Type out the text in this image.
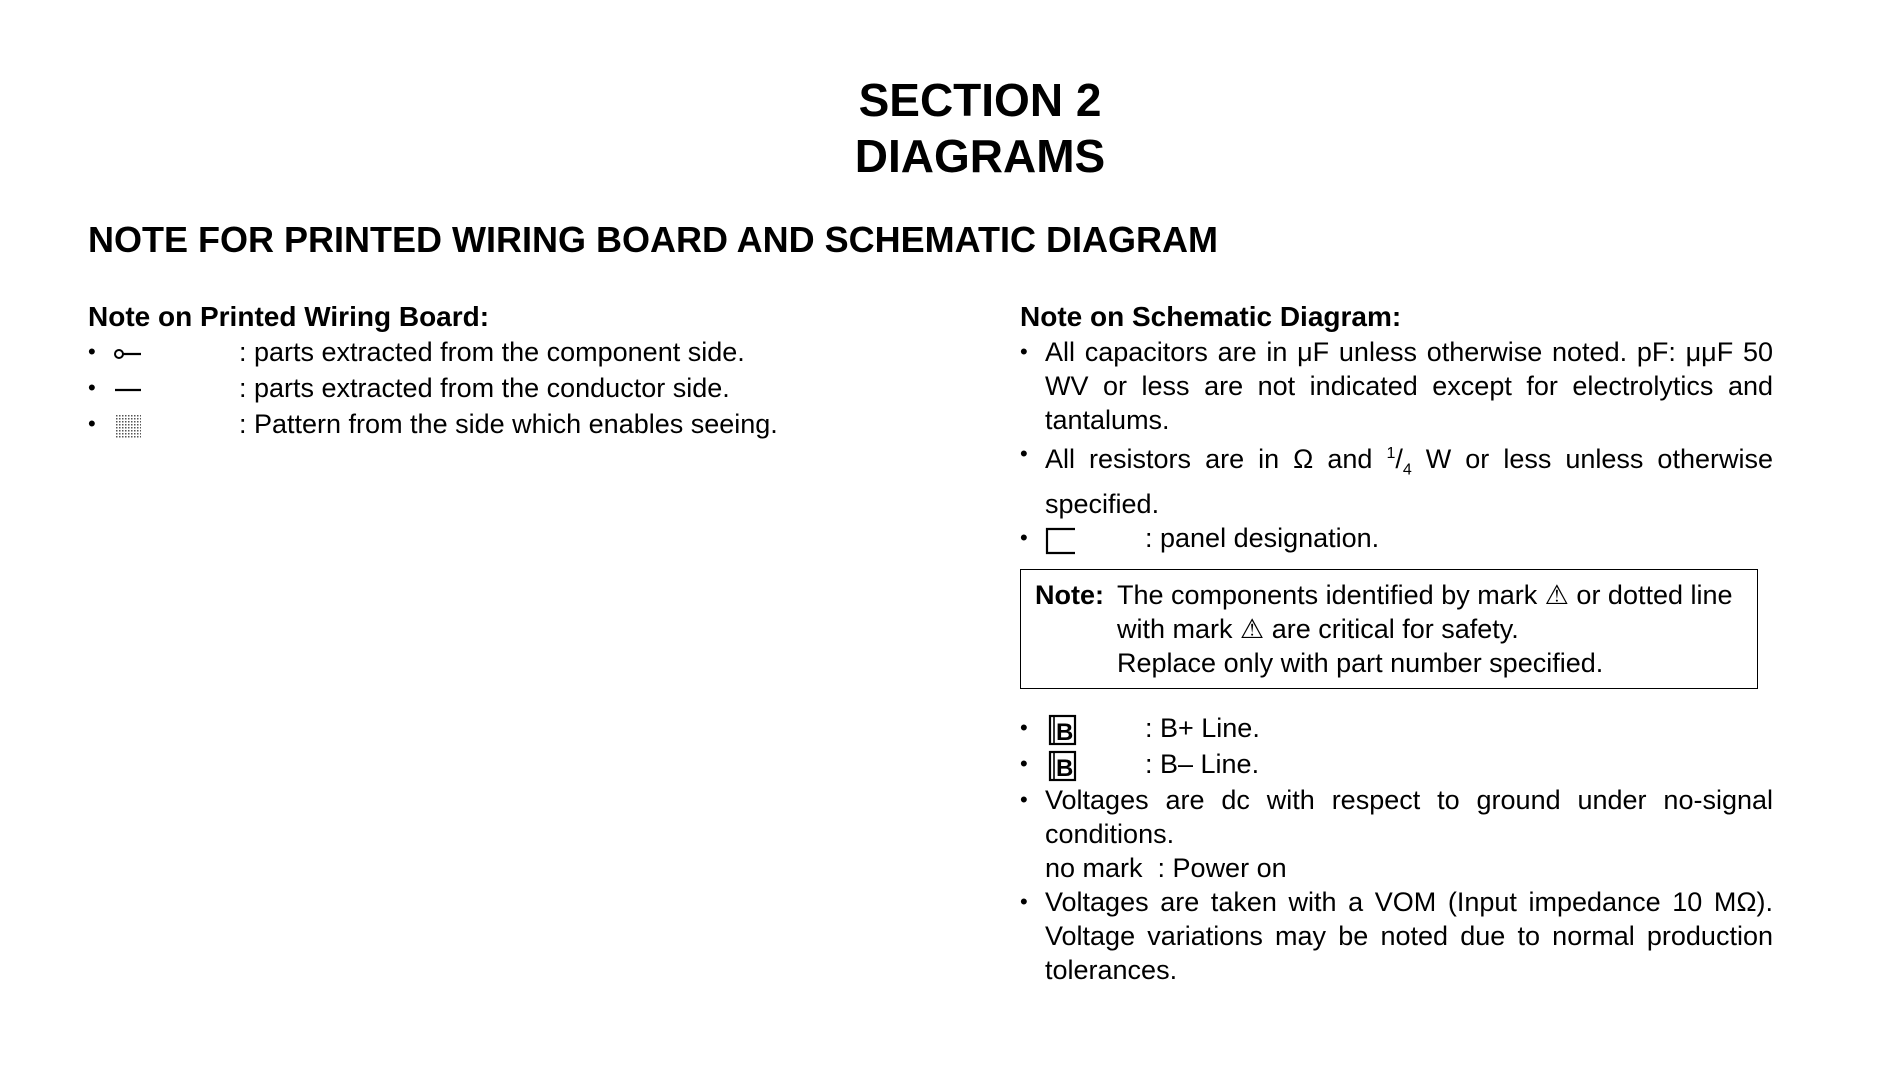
SECTION 2
DIAGRAMS
NOTE FOR PRINTED WIRING BOARD AND SCHEMATIC DIAGRAM
Note on Printed Wiring Board:
•	: parts extracted from the component side.
•	: parts extracted from the conductor side.
•	: Pattern from the side which enables seeing.
Note on Schematic Diagram:
• All capacitors are in μF unless otherwise noted. pF: μμF 50 WV or less are not indicated except for electrolytics and tantalums.
• All resistors are in Ω and $^1/_4$ W or less unless otherwise specified.
•	: panel designation.
Note: The components identified by mark ⚠ or dotted line
with mark ⚠ are critical for safety.
Replace only with part number specified.
• B	: B+ Line.
• B	: B– Line.
• Voltages are dc with respect to ground under no-signal conditions.
no mark  : Power on
• Voltages are taken with a VOM (Input impedance 10 MΩ). Voltage variations may be noted due to normal production tolerances.
